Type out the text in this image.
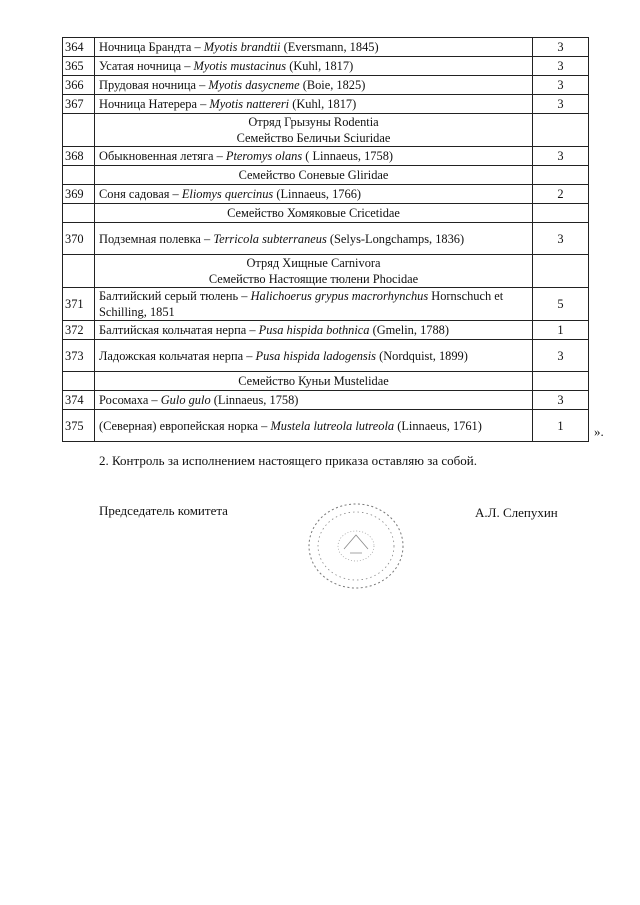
364	Ночница Брандта – Myotis brandtii (Eversmann, 1845)	3
365	Усатая ночница – Myotis mustacinus (Kuhl, 1817)	3
366	Прудовая ночница – Myotis dasycneme (Boie, 1825)	3
367	Ночница Натерера – Myotis nattereri (Kuhl, 1817)	3

	Отряд Грызуны Rodentia
Семейство Беличьи Sciuridae	

368	Обыкновенная летяга – Pteromys olans ( Linnaeus, 1758)	3

	Семейство Соневые Gliridae	

369	Соня садовая – Eliomys quercinus (Linnaeus, 1766)	2

	Семейство Хомяковые Cricetidae	

370	Подземная полевка – Terricola subterraneus (Selys-Longchamps, 1836)	3

	Отряд Хищные Carnivora
Семейство Настоящие тюлени Phocidae	

371	Балтийский серый тюлень – Halichoerus grypus macrorhynchus Hornschuch et Schilling, 1851	5
372	Балтийская кольчатая нерпа – Pusa hispida bothnica (Gmelin, 1788)	1
373	Ладожская кольчатая нерпа – Pusa hispida ladogensis (Nordquist, 1899)	3

	Семейство Куньи Mustelidae	

374	Росомаха – Gulo gulo (Linnaeus, 1758)	3
375	(Северная) европейская норка – Mustela lutreola lutreola (Linnaeus, 1761)	1 ».
2. Контроль за исполнением настоящего приказа оставляю за собой.
Председатель комитета	А.Л. Слепухин
